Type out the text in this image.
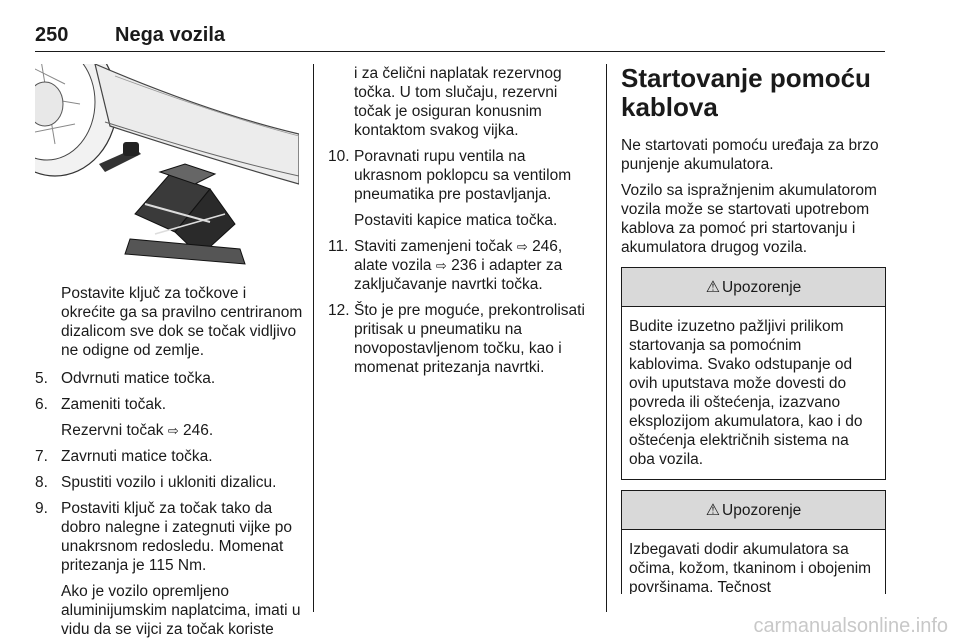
250 Nega vozila

Postavite ključ za točkove i okrećite ga sa pravilno centriranom dizalicom sve dok se točak vidljivo ne odigne od zemlje.

5. Odvrnuti matice točka.
6. Zameniti točak.
Rezervni točak ⇨ 246.
7. Zavrnuti matice točka.
8. Spustiti vozilo i ukloniti dizalicu.
9. Postaviti ključ za točak tako da dobro nalegne i zategnuti vijke po unakrsnom redosledu. Momenat pritezanja je 115 Nm.

Ako je vozilo opremljeno aluminijumskim naplatcima, imati u vidu da se vijci za točak koriste

i za čelični naplatak rezervnog točka. U tom slučaju, rezervni točak je osiguran konusnim kontaktom svakog vijka.

10. Poravnati rupu ventila na ukrasnom poklopcu sa ventilom pneumatika pre postavljanja.

Postaviti kapice matica točka.

11. Staviti zamenjeni točak ⇨ 246, alate vozila ⇨ 236 i adapter za zaključavanje navrtki točka.
12. Što je pre moguće, prekontrolisati pritisak u pneumatiku na novopostavljenom točku, kao i momenat pritezanja navrtki.
Startovanje pomoću kablova

Ne startovati pomoću uređaja za brzo punjenje akumulatora.

Vozilo sa ispražnjenim akumulatorom vozila može se startovati upotrebom kablova za pomoć pri startovanju i akumulatora drugog vozila.

⚠ Upozorenje
Budite izuzetno pažljivi prilikom startovanja sa pomoćnim kablovima. Svako odstupanje od ovih uputstava može dovesti do povreda ili oštećenja, izazvano eksplozijom akumulatora, kao i do oštećenja električnih sistema na oba vozila.
⚠ Upozorenje
Izbegavati dodir akumulatora sa očima, kožom, tkaninom i obojenim površinama. Tečnost
carmanualsonline.info
